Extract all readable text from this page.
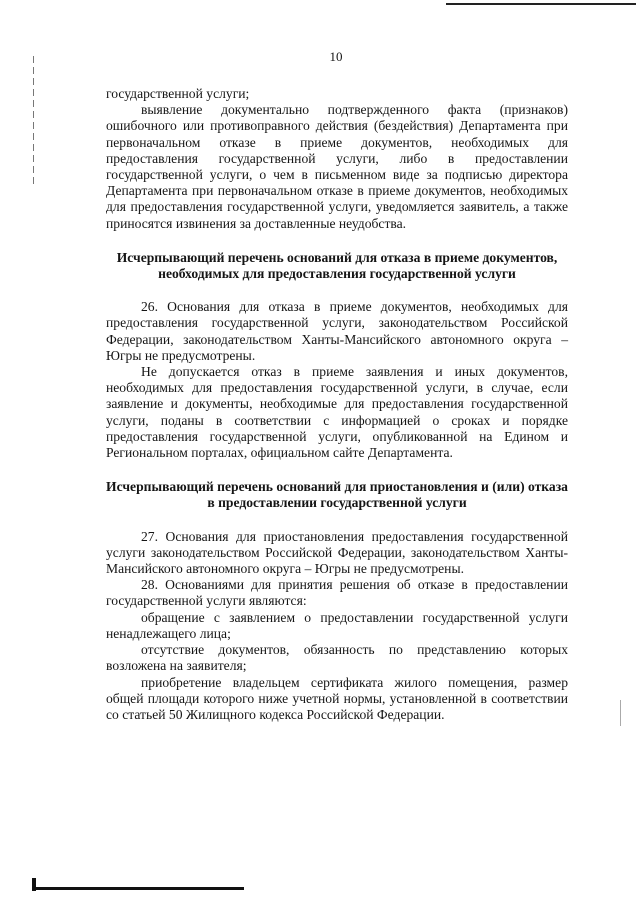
10

государственной услуги;

выявление документально подтвержденного факта (признаков) ошибочного или противоправного действия (бездействия) Департамента при первоначальном отказе в приеме документов, необходимых для предоставления государственной услуги, либо в предоставлении государственной услуги, о чем в письменном виде за подписью директора Департамента при первоначальном отказе в приеме документов, необходимых для предоставления государственной услуги, уведомляется заявитель, а также приносятся извинения за доставленные неудобства.

Исчерпывающий перечень оснований для отказа в приеме документов, необходимых для предоставления государственной услуги

26. Основания для отказа в приеме документов, необходимых для предоставления государственной услуги, законодательством Российской Федерации, законодательством Ханты-Мансийского автономного округа – Югры не предусмотрены.

Не допускается отказ в приеме заявления и иных документов, необходимых для предоставления государственной услуги, в случае, если заявление и документы, необходимые для предоставления государственной услуги, поданы в соответствии с информацией о сроках и порядке предоставления государственной услуги, опубликованной на Едином и Региональном порталах, официальном сайте Департамента.

Исчерпывающий перечень оснований для приостановления и (или) отказа в предоставлении государственной услуги

27. Основания для приостановления предоставления государственной услуги законодательством Российской Федерации, законодательством Ханты-Мансийского автономного округа – Югры не предусмотрены.

28. Основаниями для принятия решения об отказе в предоставлении государственной услуги являются:

обращение с заявлением о предоставлении государственной услуги ненадлежащего лица;

отсутствие документов, обязанность по представлению которых возложена на заявителя;

приобретение владельцем сертификата жилого помещения, размер общей площади которого ниже учетной нормы, установленной в соответствии со статьей 50 Жилищного кодекса Российской Федерации.
